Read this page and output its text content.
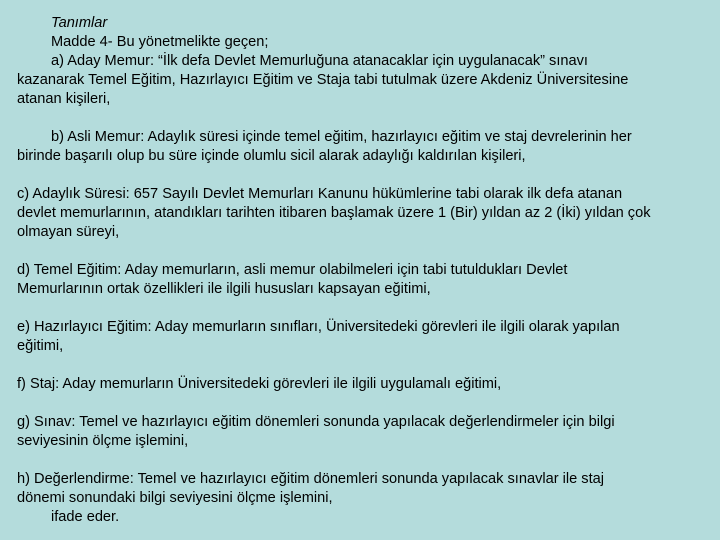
Tanımlar
Madde 4- Bu yönetmelikte geçen;
a) Aday Memur: “İlk defa Devlet Memurluğuna atanacaklar için uygulanacak” sınavı
kazanarak Temel Eğitim, Hazırlayıcı Eğitim ve Staja tabi tutulmak üzere Akdeniz Üniversitesine
atanan kişileri,
b) Asli Memur: Adaylık süresi içinde temel eğitim, hazırlayıcı eğitim ve staj devrelerinin her
birinde başarılı olup bu süre içinde olumlu sicil alarak adaylığı kaldırılan kişileri,
c) Adaylık Süresi: 657 Sayılı Devlet Memurları Kanunu hükümlerine tabi olarak ilk defa atanan
devlet memurlarının, atandıkları tarihten itibaren başlamak üzere 1 (Bir) yıldan az 2 (İki) yıldan çok
olmayan süreyi,
d) Temel Eğitim: Aday memurların, asli memur olabilmeleri için tabi tutuldukları Devlet
Memurlarının ortak özellikleri ile ilgili hususları kapsayan eğitimi,
e) Hazırlayıcı Eğitim: Aday memurların sınıfları, Üniversitedeki görevleri ile ilgili olarak yapılan
eğitimi,
f) Staj: Aday memurların Üniversitedeki görevleri ile ilgili uygulamalı eğitimi,
g) Sınav: Temel ve hazırlayıcı eğitim dönemleri sonunda yapılacak değerlendirmeler için bilgi
seviyesinin ölçme işlemini,
h) Değerlendirme: Temel ve hazırlayıcı eğitim dönemleri sonunda yapılacak sınavlar ile staj
dönemi sonundaki bilgi seviyesini ölçme işlemini,
ifade eder.
